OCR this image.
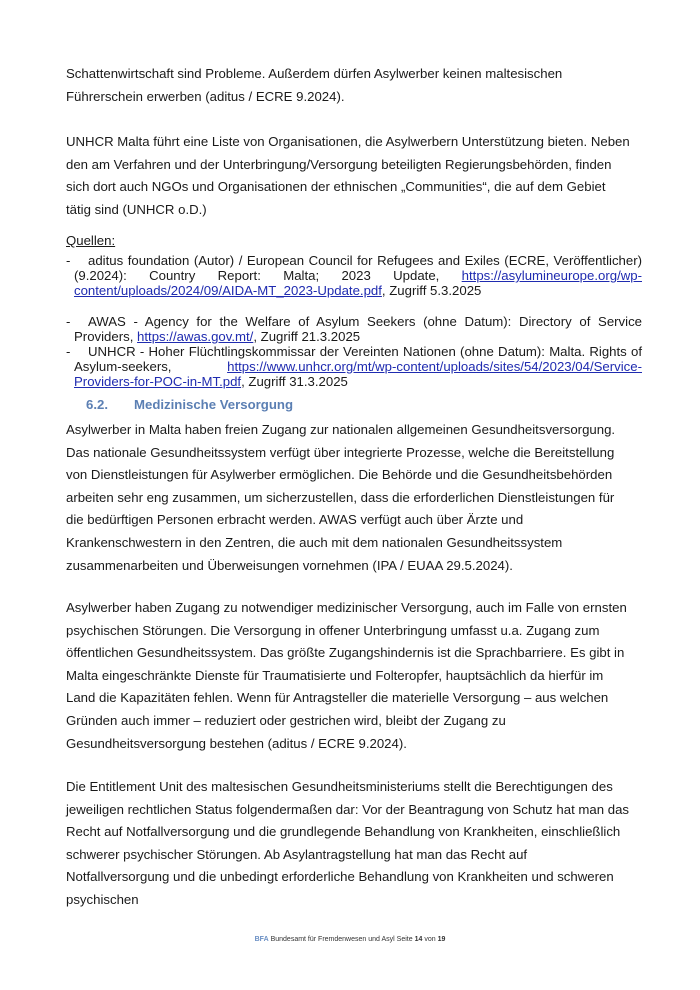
Schattenwirtschaft sind Probleme. Außerdem dürfen Asylwerber keinen maltesischen Führerschein erwerben (aditus / ECRE 9.2024).

UNHCR Malta führt eine Liste von Organisationen, die Asylwerbern Unterstützung bieten. Neben den am Verfahren und der Unterbringung/Versorgung beteiligten Regierungsbehörden, finden sich dort auch NGOs und Organisationen der ethnischen „Communities“, die auf dem Gebiet tätig sind (UNHCR o.D.)

Quellen:

- aditus foundation (Autor) / European Council for Refugees and Exiles (ECRE, Veröffentlicher) (9.2024): Country Report: Malta; 2023 Update, https://asylumineurope.org/wp-content/uploads/2024/09/AIDA-MT_2023-Update.pdf, Zugriff 5.3.2025

- AWAS - Agency for the Welfare of Asylum Seekers (ohne Datum): Directory of Service Providers, https://awas.gov.mt/, Zugriff 21.3.2025

- UNHCR - Hoher Flüchtlingskommissar der Vereinten Nationen (ohne Datum): Malta. Rights of Asylum-seekers,	https://www.unhcr.org/mt/wp-content/uploads/sites/54/2023/04/Service-Providers-for-POC-in-MT.pdf, Zugriff 31.3.2025

6.2. Medizinische Versorgung

Asylwerber in Malta haben freien Zugang zur nationalen allgemeinen Gesundheitsversorgung. Das nationale Gesundheitssystem verfügt über integrierte Prozesse, welche die Bereitstellung von Dienstleistungen für Asylwerber ermöglichen. Die Behörde und die Gesundheitsbehörden arbeiten sehr eng zusammen, um sicherzustellen, dass die erforderlichen Dienstleistungen für die bedürftigen Personen erbracht werden. AWAS verfügt auch über Ärzte und Krankenschwestern in den Zentren, die auch mit dem nationalen Gesundheitssystem zusammenarbeiten und Überweisungen vornehmen (IPA / EUAA 29.5.2024).

Asylwerber haben Zugang zu notwendiger medizinischer Versorgung, auch im Falle von ernsten psychischen Störungen. Die Versorgung in offener Unterbringung umfasst u.a. Zugang zum öffentlichen Gesundheitssystem. Das größte Zugangshindernis ist die Sprachbarriere. Es gibt in Malta eingeschränkte Dienste für Traumatisierte und Folteropfer, hauptsächlich da hierfür im Land die Kapazitäten fehlen. Wenn für Antragsteller die materielle Versorgung – aus welchen Gründen auch immer – reduziert oder gestrichen wird, bleibt der Zugang zu Gesundheitsversorgung bestehen (aditus / ECRE 9.2024).

Die Entitlement Unit des maltesischen Gesundheitsministeriums stellt die Berechtigungen des jeweiligen rechtlichen Status folgendermaßen dar: Vor der Beantragung von Schutz hat man das Recht auf Notfallversorgung und die grundlegende Behandlung von Krankheiten, einschließlich schwerer psychischer Störungen. Ab Asylantragstellung hat man das Recht auf Notfallversorgung und die unbedingt erforderliche Behandlung von Krankheiten und schweren psychischen

BFA Bundesamt für Fremdenwesen und Asyl Seite 14 von 19
